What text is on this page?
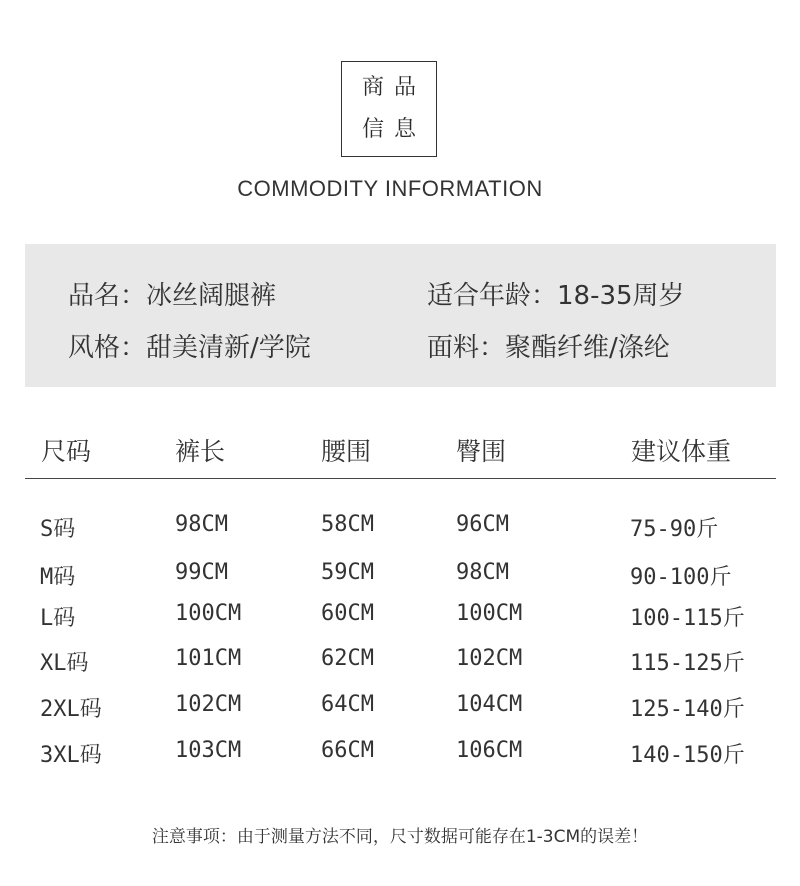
商品
信息
COMMODITY INFORMATION
品名：冰丝阔腿裤	适合年龄：18-35周岁
风格：甜美清新/学院	面料：聚酯纤维/涤纶
尺码	裤长	腰围	臀围	建议体重
S码	98CM	58CM	96CM	75-90斤
M码	99CM	59CM	98CM	90-100斤
L码	100CM	60CM	100CM	100-115斤
XL码	101CM	62CM	102CM	115-125斤
2XL码	102CM	64CM	104CM	125-140斤
3XL码	103CM	66CM	106CM	140-150斤
注意事项：由于测量方法不同，尺寸数据可能存在1-3CM的误差！
